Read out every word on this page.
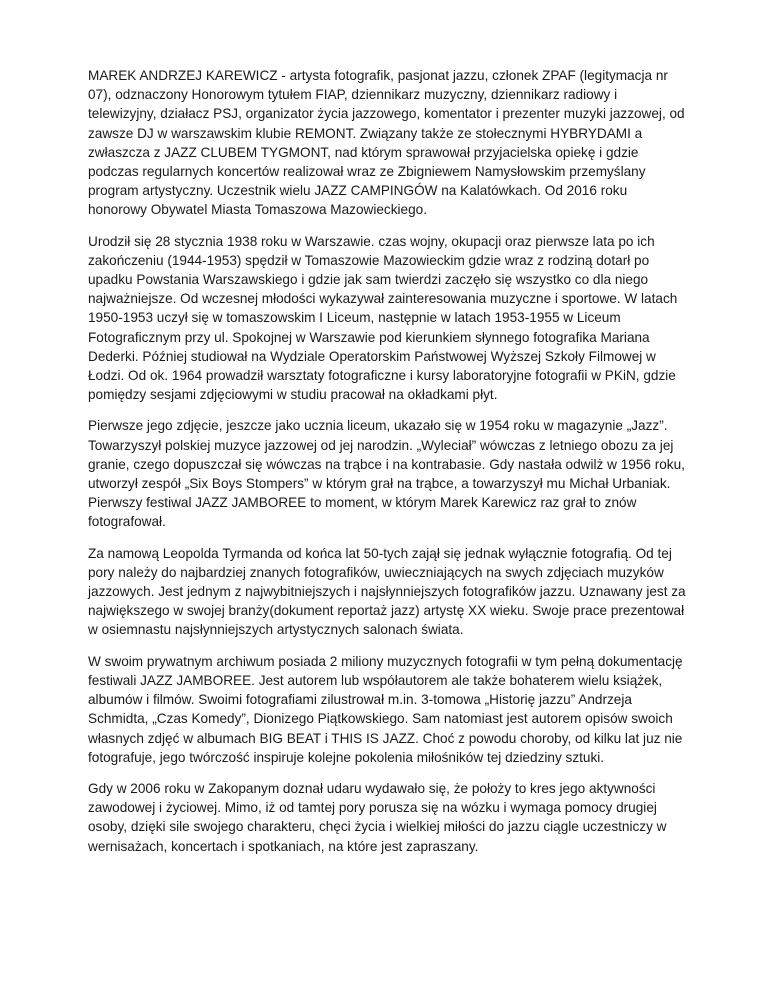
MAREK ANDRZEJ KAREWICZ - artysta fotografik, pasjonat jazzu, członek ZPAF (legitymacja nr 07), odznaczony Honorowym tytułem FIAP, dziennikarz muzyczny, dziennikarz radiowy i telewizyjny, działacz PSJ, organizator życia jazzowego, komentator i prezenter muzyki jazzowej, od zawsze DJ w warszawskim klubie REMONT. Związany także ze stołecznymi HYBRYDAMI a zwłaszcza z JAZZ CLUBEM TYGMONT, nad którym sprawował przyjacielska opiekę i gdzie podczas regularnych koncertów realizował wraz ze Zbigniewem Namysłowskim przemyślany program artystyczny. Uczestnik wielu JAZZ CAMPINGÓW na Kalatówkach. Od 2016 roku honorowy Obywatel Miasta Tomaszowa Mazowieckiego.

Urodził się 28 stycznia 1938 roku w Warszawie. czas wojny, okupacji oraz pierwsze lata po ich zakończeniu (1944-1953) spędził w Tomaszowie Mazowieckim gdzie wraz z rodziną dotarł po upadku Powstania Warszawskiego i gdzie jak sam twierdzi zaczęło się wszystko co dla niego najważniejsze. Od wczesnej młodości wykazywał zainteresowania muzyczne i sportowe. W latach 1950-1953 uczył się w tomaszowskim I Liceum, następnie w latach 1953-1955 w Liceum Fotograficznym przy ul. Spokojnej w Warszawie pod kierunkiem słynnego fotografika Mariana Dederki. Później studiował na Wydziale Operatorskim Państwowej Wyższej Szkoły Filmowej w Łodzi. Od ok. 1964 prowadził warsztaty fotograficzne i kursy laboratoryjne fotografii w PKiN, gdzie pomiędzy sesjami zdjęciowymi w studiu pracował na okładkami płyt.

Pierwsze jego zdjęcie, jeszcze jako ucznia liceum, ukazało się w 1954 roku w magazynie „Jazz”. Towarzyszył polskiej muzyce jazzowej od jej narodzin. „Wyleciał” wówczas z letniego obozu za jej granie, czego dopuszczał się wówczas na trąbce i na kontrabasie. Gdy nastała odwilż w 1956 roku, utworzył zespół „Six Boys Stompers” w którym grał na trąbce, a towarzyszył mu Michał Urbaniak. Pierwszy festiwal JAZZ JAMBOREE to moment, w którym Marek Karewicz raz grał to znów fotografował.

Za namową Leopolda Tyrmanda od końca lat 50-tych zajął się jednak wyłącznie fotografią. Od tej pory należy do najbardziej znanych fotografików, uwieczniających na swych zdjęciach muzyków jazzowych. Jest jednym z najwybitniejszych i najsłynniejszych fotografików jazzu. Uznawany jest za największego w swojej branży(dokument reportaż jazz) artystę XX wieku. Swoje prace prezentował w osiemnastu najsłynniejszych artystycznych salonach świata.

W swoim prywatnym archiwum posiada 2 miliony muzycznych fotografii w tym pełną dokumentację festiwali JAZZ JAMBOREE. Jest autorem lub współautorem ale także bohaterem wielu książek, albumów i filmów. Swoimi fotografiami zilustrował m.in. 3-tomowa „Historię jazzu” Andrzeja Schmidta, „Czas Komedy”, Dionizego Piątkowskiego. Sam natomiast jest autorem opisów swoich własnych zdjęć w albumach BIG BEAT i THIS IS JAZZ. Choć z powodu choroby, od kilku lat juz nie fotografuje, jego twórczość inspiruje kolejne pokolenia miłośników tej dziedziny sztuki.

Gdy w 2006 roku w Zakopanym doznał udaru wydawało się, że położy to kres jego aktywności zawodowej i życiowej. Mimo, iż od tamtej pory porusza się na wózku i wymaga pomocy drugiej osoby, dzięki sile swojego charakteru, chęci życia i wielkiej miłości do jazzu ciągle uczestniczy w wernisażach, koncertach i spotkaniach, na które jest zapraszany.
